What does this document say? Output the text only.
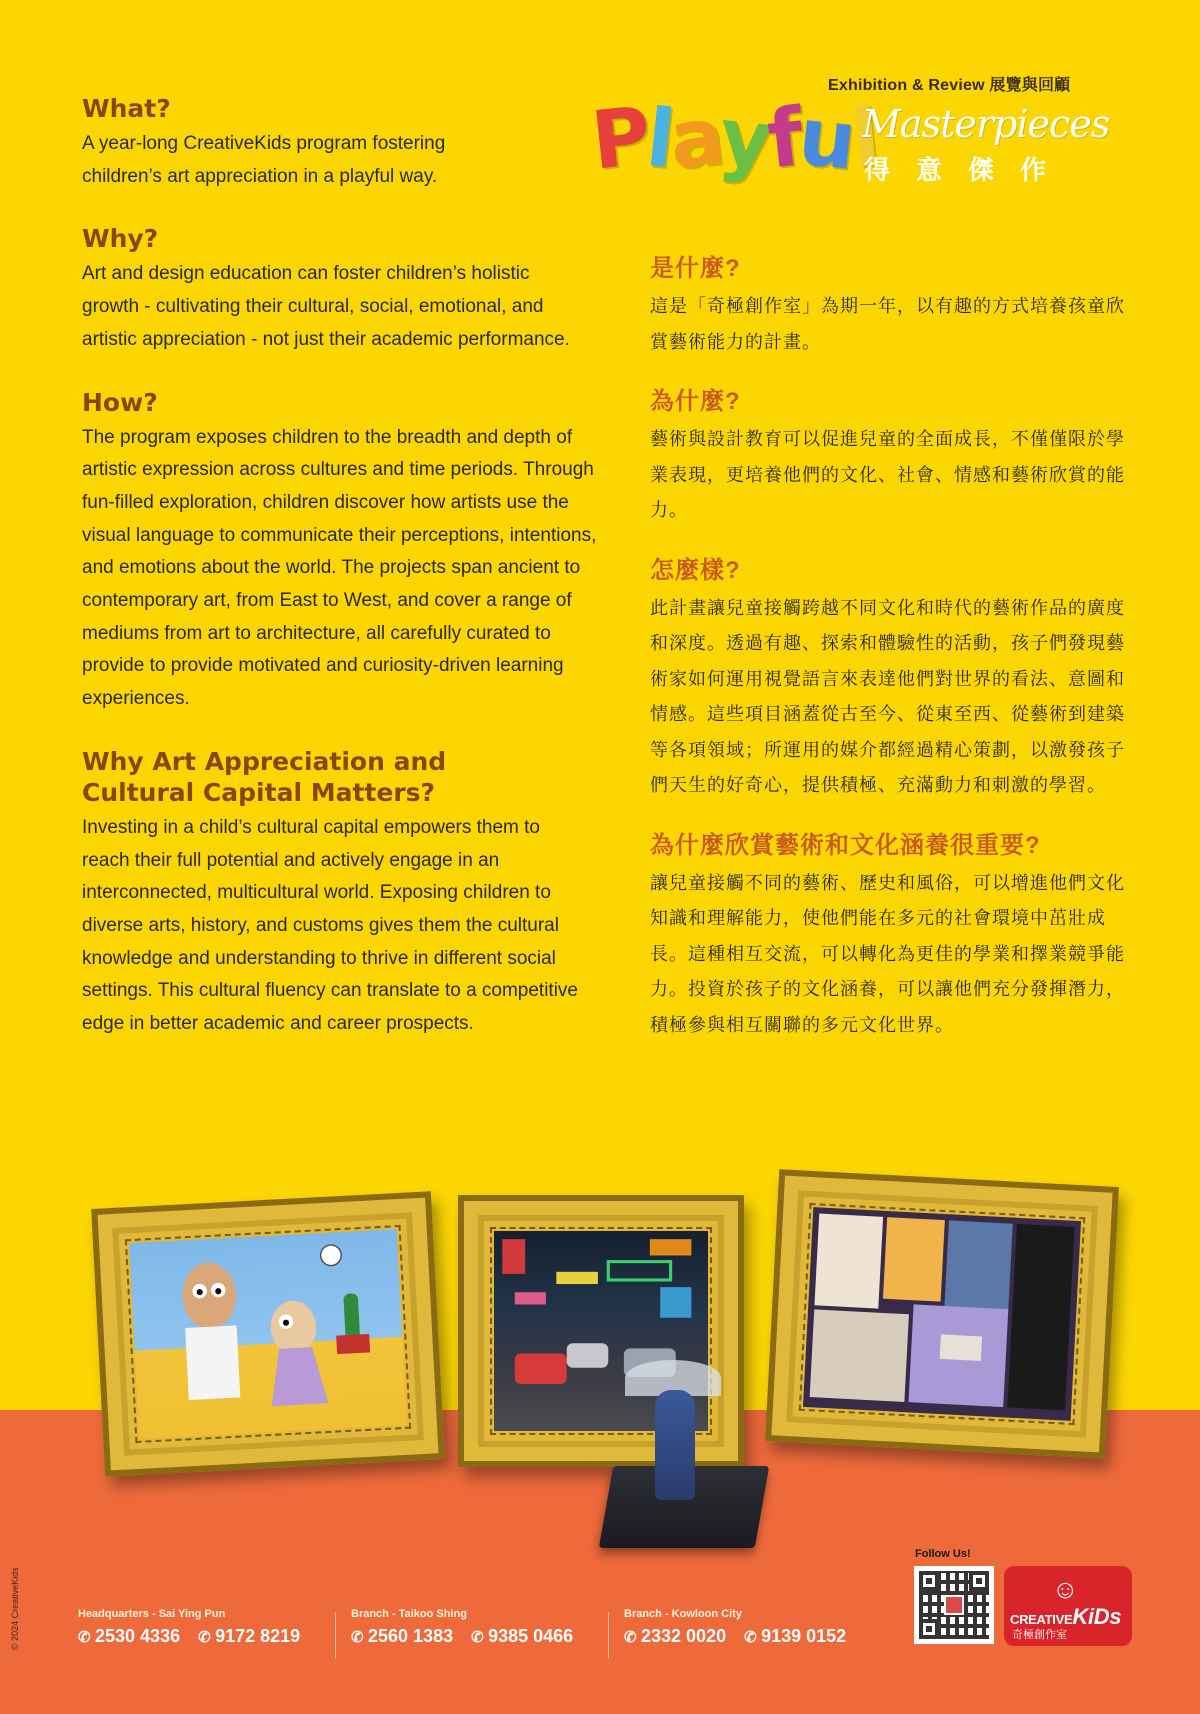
Exhibition & Review 展覽與回顧
Playful
Masterpieces
得意傑作
What?
A year-long CreativeKids program fostering children’s art appreciation in a playful way.
Why?
Art and design education can foster children’s holistic growth - cultivating their cultural, social, emotional, and artistic appreciation - not just their academic performance.
How?
The program exposes children to the breadth and depth of artistic expression across cultures and time periods. Through fun-filled exploration, children discover how artists use the visual language to communicate their perceptions, intentions, and emotions about the world. The projects span ancient to contemporary art, from East to West, and cover a range of mediums from art to architecture, all carefully curated to provide to provide motivated and curiosity-driven learning experiences.
Why Art Appreciation and Cultural Capital Matters?
Investing in a child’s cultural capital empowers them to reach their full potential and actively engage in an interconnected, multicultural world. Exposing children to diverse arts, history, and customs gives them the cultural knowledge and understanding to thrive in different social settings. This cultural fluency can translate to a competitive edge in better academic and career prospects.
是什麼?
這是「奇極創作室」為期一年，以有趣的方式培養孩童欣賞藝術能力的計畫。
為什麼?
藝術與設計教育可以促進兒童的全面成長，不僅僅限於學業表現，更培養他們的文化、社會、情感和藝術欣賞的能力。
怎麼樣?
此計畫讓兒童接觸跨越不同文化和時代的藝術作品的廣度和深度。透過有趣、探索和體驗性的活動，孩子們發現藝術家如何運用視覺語言來表達他們對世界的看法、意圖和情感。這些項目涵蓋從古至今、從東至西、從藝術到建築等各項領域；所運用的媒介都經過精心策劃，以激發孩子們天生的好奇心，提供積極、充滿動力和刺激的學習。
為什麼欣賞藝術和文化涵養很重要?
讓兒童接觸不同的藝術、歷史和風俗，可以增進他們文化知識和理解能力，使他們能在多元的社會環境中茁壯成長。這種相互交流，可以轉化為更佳的學業和擇業競爭能力。投資於孩子的文化涵養，可以讓他們充分發揮潛力，積極參與相互關聯的多元文化世界。
© 2024 CreativeKids	Headquarters - Sai Ying Pun
✆ 2530 4336 ✆ 9172 8219
Branch - Taikoo Shing
✆ 2560 1383 ✆ 9385 0466
Branch - Kowloon City
✆ 2332 0020 ✆ 9139 0152
Follow Us!
☺
CREATIVEKiDs
奇極創作室
